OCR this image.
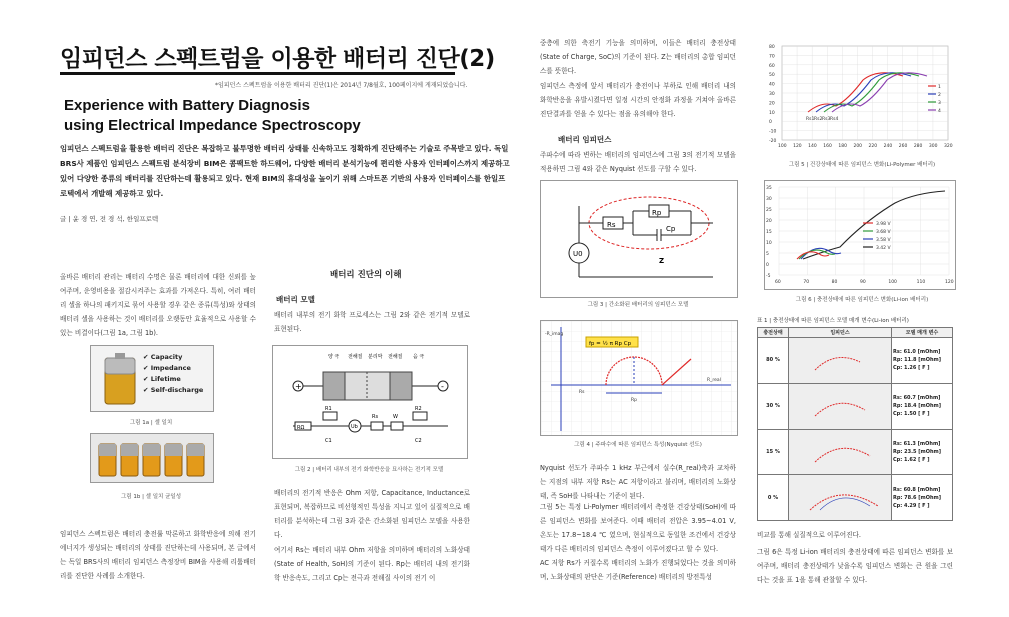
임피던스 스펙트럼을 이용한 배터리 진단(2)
*임피던스 스펙트럼을 이용한 배터리 진단(1)은 2014년 7/8월호, 100페이지에 게재되었습니다.
Experience with Battery Diagnosis
using Electrical Impedance Spectroscopy
임피던스 스펙트럼을 활용한 배터리 진단은 복잡하고 불투명한 배터리 상태를 신속하고도 정확하게 진단해주는 기술로 주목받고 있다. 독일 BRS사 제품인 임피던스 스펙트럼 분석장비 BIM은 콤팩트한 하드웨어, 다양한 배터리 분석기능에 편리한 사용자 인터페이스까지 제공하고 있어 다양한 종류의 배터리를 진단하는데 활용되고 있다. 현재 BIM의 휴대성을 높이기 위해 스마트폰 기반의 사용자 인터페이스를 한일프로텍에서 개발해 제공하고 있다.
글 | 윤 경 연, 전 경 석, 한일프로텍
올바른 배터리 관리는 배터리 수명은 물론 배터리에 대한 신뢰를 높여주며, 운영비용을 절감시켜주는 효과를 가져온다. 특히, 여러 배터리 셀을 하나의 패키지로 묶어 사용할 경우 같은 종류(특성)와 상태의 배터리 셀을 사용하는 것이 배터리를 오랫동안 효율적으로 사용할 수 있는 비결이다(그림 1a, 그림 1b).
✔ Capacity
✔ Impedance
✔ Lifetime
✔ Self-discharge
그림 1a | 셀 일치
그림 1b | 셀 일치 균일성
임피던스 스펙트럼은 배터리 충전률 막론하고 화학반응에 의해 전기 에너지가 생성되는 배터리의 상태를 진단하는데 사용되며, 본 글에서는 독일 BRS사의 배터리 임피던스 측정장비 BIM을 사용해 리튬배터리를 진단한 사례를 소개한다.
배터리 진단의 이해
배터리 모델
배터리 내부의 전기 화학 프로세스는 그림 2와 같은 전기적 모델로 표현된다.
양 극 전해질 분리막 전해질 음 극
+	-
RΩ
R1
C1
Ub
Rs	W
R2
C2
그림 2 | 배터리 내부의 전기 화학반응을 묘사하는 전기적 모델
배터리의 전기적 반응은 Ohm 저항, Capacitance, Inductance로 표현되며, 복잡하므로 비선형적인 특성을 지니고 있어 실질적으로 배터리를 분석하는데 그림 3과 같은 간소화된 임피던스 모델을 사용한다.
여기서 Rs는 배터리 내부 Ohm 저항을 의미하며 배터리의 노화상태(State of Health, SoH)의 기준이 된다. Rp는 배터리 내의 전기화학 반응속도, 그리고 Cp는 전극과 전해질 사이의 전기 이
중층에 의한 축전기 기능을 의미하며, 이들은 배터리 충전상태(State of Charge, SoC)의 기준이 된다. Z는 배터리의 총합 임피던스를 뜻한다.
임피던스 측정에 앞서 배터리가 충전이나 부하로 인해 배터리 내의 화학반응을 유발시켰다면 일정 시간의 안정화 과정을 거쳐야 올바른 진단결과를 얻을 수 있다는 점을 유의해야 한다.
배터리 임피던스
주파수에 따라 변하는 배터리의 임피던스에 그림 3의 전기적 모델을 적용하면 그림 4와 같은 Nyquist 선도를 구할 수 있다.
Rs
Rp
Cp
U0
Z
그림 3 | 간소화된 배터리의 임피던스 모델
-R_imag
R_real
fp = ½ π Rp Cp
Rs
Rp
그림 4 | 주파수에 따른 임피던스 특성(Nyquist 선도)
Nyquist 선도가 주파수 1 kHz 부근에서 실수(R_real)축과 교차하는 지점의 내부 저항 Rs는 AC 저항이라고 불리며, 배터리의 노화상태, 즉 SoH를 나타내는 기준이 된다.
그림 5는 특정 Li-Polymer 배터리에서 측정한 건강상태(SoH)에 따른 임피던스 변화를 보여준다. 이때 배터리 전압은 3.95~4.01 V, 온도는 17.8~18.4 ℃ 였으며, 현실적으로 동일한 조건에서 건강상태가 다른 배터리의 임피던스 측정이 이루어졌다고 할 수 있다.
AC 저항 Rs가 커질수록 배터리의 노화가 진행되었다는 것을 의미하며, 노화상태의 판단은 기준(Reference) 배터리의 방전특성
100 120 140 160 180 200 220 240 260 280 300 320
80
70
60
50
40
30
20
10
0
-10
-20
Rs1 Rs2 Rs3 Rs4
1
2
3
4
그림 5 | 건강상태에 따른 임피던스 변화(Li-Polymer 배터리)
60	70	80	90	100	110	120
35
30
25
20
15
10
5
0
-5
3.98 V
3.68 V
3.58 V
3.42 V
그림 6 | 충전상태에 따른 임피던스 변화(Li-ion 배터리)
표 1 | 충전상태에 따른 임피던스 모델 매개 변수(Li-ion 배터리)
충전상태	임피던스	모델 매개 변수
80 %		Rs: 61.0 [mOhm]
Rp: 11.8 [mOhm]
Cp: 1.26 [ F ]

30 %		Rs: 60.7 [mOhm]
Rp: 18.4 [mOhm]
Cp: 1.50 [ F ]

15 %		Rs: 61.3 [mOhm]
Rp: 23.5 [mOhm]
Cp: 1.62 [ F ]

0 %		Rs: 60.8 [mOhm]
Rp: 78.6 [mOhm]
Cp: 4.29 [ F ]
비교를 통해 실질적으로 이루어진다.
그림 6은 특정 Li-ion 배터리의 충전상태에 따른 임피던스 변화를 보여주며, 배터리 충전상태가 낮을수록 임피던스 변화는 큰 원을 그린다는 것을 표 1을 통해 관찰할 수 있다.
